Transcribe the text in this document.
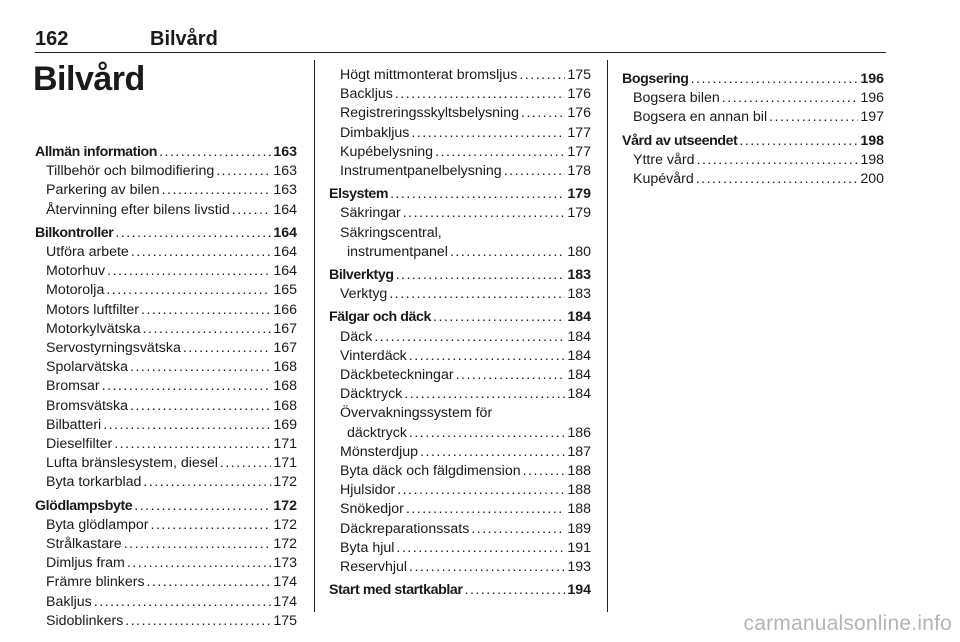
162	Bilvård
Bilvård
Allmän information .....	163
Tillbehör och bilmodifiering .....	163
Parkering av bilen .....	163
Återvinning efter bilens livstid .....	164
Bilkontroller .....	164
Utföra arbete .....	164
Motorhuv .....	164
Motorolja .....	165
Motors luftfilter .....	166
Motorkylvätska .....	167
Servostyrningsvätska .....	167
Spolarvätska .....	168
Bromsar .....	168
Bromsvätska .....	168
Bilbatteri .....	169
Dieselfilter .....	171
Lufta bränslesystem, diesel .....	171
Byta torkarblad .....	172
Glödlampsbyte .....	172
Byta glödlampor .....	172
Strålkastare .....	172
Dimljus fram .....	173
Främre blinkers .....	174
Bakljus .....	174
Sidoblinkers .....	175
Högt mittmonterat bromsljus .....	175
Backljus .....	176
Registreringsskyltsbelysning .....	176
Dimbakljus .....	177
Kupébelysning .....	177
Instrumentpanelbelysning .....	178
Elsystem .....	179
Säkringar .....	179
Säkringscentral,
instrumentpanel .....	180
Bilverktyg .....	183
Verktyg .....	183
Fälgar och däck .....	184
Däck .....	184
Vinterdäck .....	184
Däckbeteckningar .....	184
Däcktryck .....	184
Övervakningssystem för
däcktryck .....	186
Mönsterdjup .....	187
Byta däck och fälgdimension .....	188
Hjulsidor .....	188
Snökedjor .....	188
Däckreparationssats .....	189
Byta hjul .....	191
Reservhjul .....	193
Start med startkablar .....	194
Bogsering .....	196
Bogsera bilen .....	196
Bogsera en annan bil .....	197
Vård av utseendet .....	198
Yttre vård .....	198
Kupévård .....	200
carmanualsonline.info
